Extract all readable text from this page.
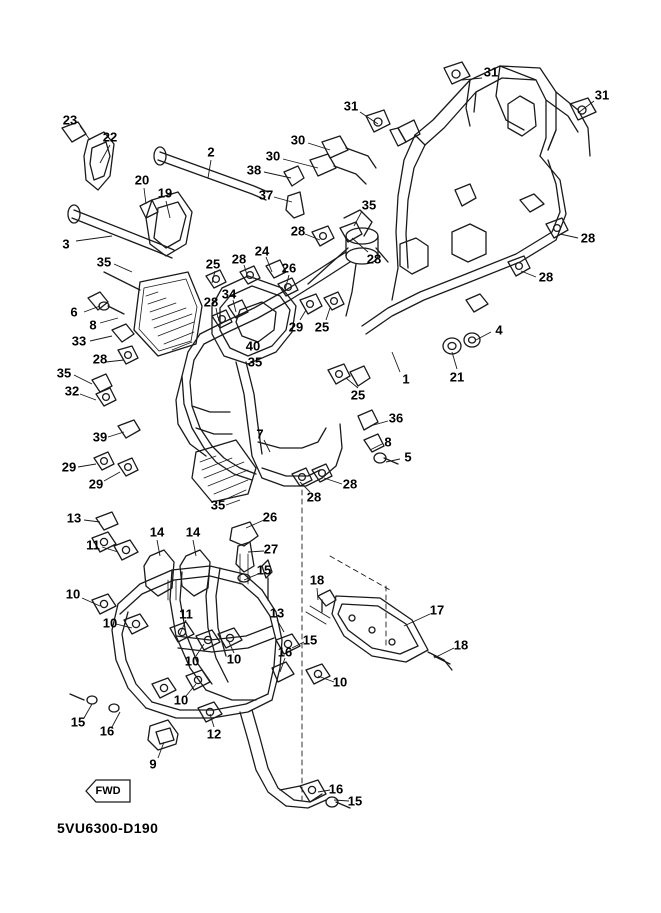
31
31
31
30
30
38
37
35
28
28
28
28
23
22
2
20
19
3
35	25 28
24
26
6
8
33
28
34
29 25	4
21
1
40
35
25
28
35
32
39
29
29
36
8
5
7
28
28
35
13	26
14 14
27
11
15
18
13	17
18
10
10
11
15
16
10 10
10
10
15
16	12
9
16
15
FWD
5VU6300-D190
